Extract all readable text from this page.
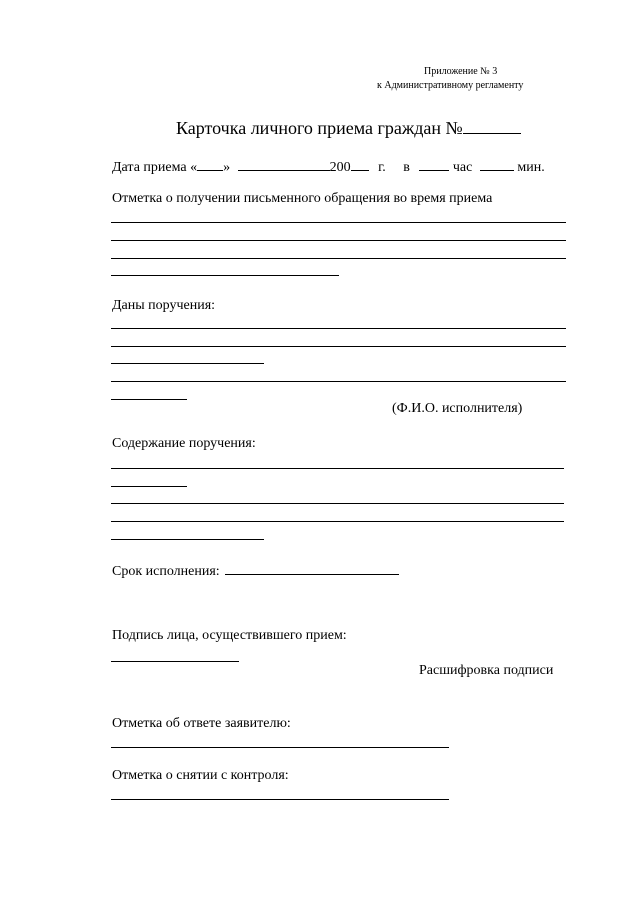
Приложение № 3
к Административному регламенту
Карточка личного приема граждан №
Дата приема « »	200 г. в	час	мин.
Отметка о получении письменного обращения во время приема
Даны поручения:
(Ф.И.О. исполнителя)
Содержание поручения:
Срок исполнения:
Подпись лица, осуществившего прием:
Расшифровка подписи
Отметка об ответе заявителю:
Отметка о снятии с контроля:
